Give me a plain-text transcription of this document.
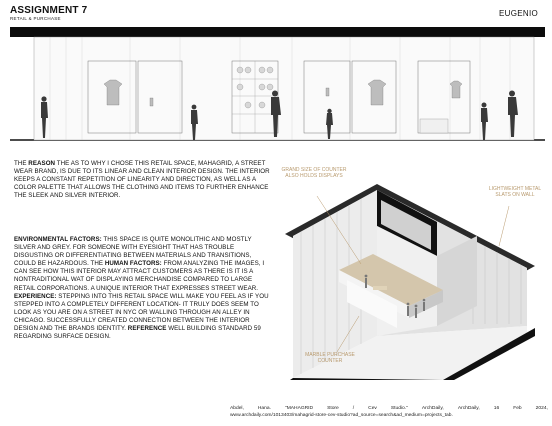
ASSIGNMENT 7
RETAIL & PURCHASE
EUGENIO

THE REASON THE AS TO WHY I CHOSE THIS RETAIL SPACE, MAHAGRID, A STREET WEAR BRAND, IS DUE TO ITS LINEAR AND CLEAN INTERIOR DESIGN. THE INTERIOR KEEPS A CONSTANT REPETITION OF LINEARITY AND DIRECTION, AS WELL AS A COLOR PALETTE THAT ALLOWS THE CLOTHING AND ITEMS TO FURTHER ENHANCE THE SLEEK AND SILVER INTERIOR.

ENVIRONMENTAL FACTORS: THIS SPACE IS QUITE MONOLITHIC AND MOSTLY SILVER AND GREY. FOR SOMEONE WITH EYESIGHT THAT HAS TROUBLE DISGUSTING OR DIFFERENTIATING BETWEEN MATERIALS AND TRANSITIONS, COULD BE HAZARDOUS. THE HUMAN FACTORS: FROM ANALYZING THE IMAGES, I CAN SEE HOW THIS INTERIOR MAY ATTRACT CUSTOMERS AS THERE IS IT IS A NONTRADITIONAL WAT OF DISPLAYING MERCHANDISE COMPARED TO LARGE RETAIL CORPORATIONS. A UNIQUE INTERIOR THAT EXPRESSES STREET WEAR. EXPERIENCE: STEPPING INTO THIS RETAIL SPACE WILL MAKE YOU FEEL AS IF YOU STEPPED INTO A COMPLETELY DIFFERENT LOCATION- IT TRULY DOES SEEM TO LOOK AS YOU ARE ON A STREET IN NYC OR WALLING THROUGH AN ALLEY IN CHICAGO. SUCCESSFULLY CREATED CONNECTION BETWEEN THE INTERIOR DESIGN AND THE BRANDS IDENTITY. REFERENCE WELL BUILDING STANDARD 59 REGARDING SURFACE DESIGN.

GRAND SIZE OF COUNTER ALSO HOLDS DISPLAYS
LIGHTWEIGHT METAL SLATS ON WALL
MARBLE PURCHASE COUNTER
Abdel,	Hana.	"MAHAGRID	Store	/	Cev	Studio."	ArchDaily,	ArchDaily,	16	Feb	2024,
www.archdaily.com/1013403/mahagrid-store-cev-studio?ad_source=search&ad_medium=projects_tab.
